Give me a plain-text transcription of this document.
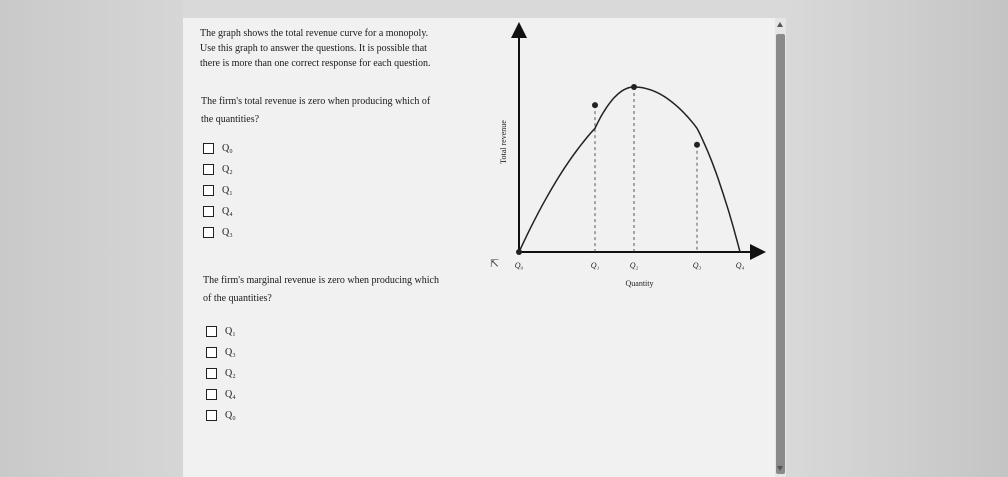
The graph shows the total revenue curve for a monopoly.
Use this graph to answer the questions. It is possible that
there is more than one correct response for each question.
The firm's total revenue is zero when producing which of
the quantities?
Q₀
Q₂
Q₁
Q₄
Q₃
The firm's marginal revenue is zero when producing which
of the quantities?
Q₁
Q₃
Q₂
Q₄
Q₀
⇱ Q₀	Q₁	Q₂	Q₃	Q₄
Quantity
Total revenue
